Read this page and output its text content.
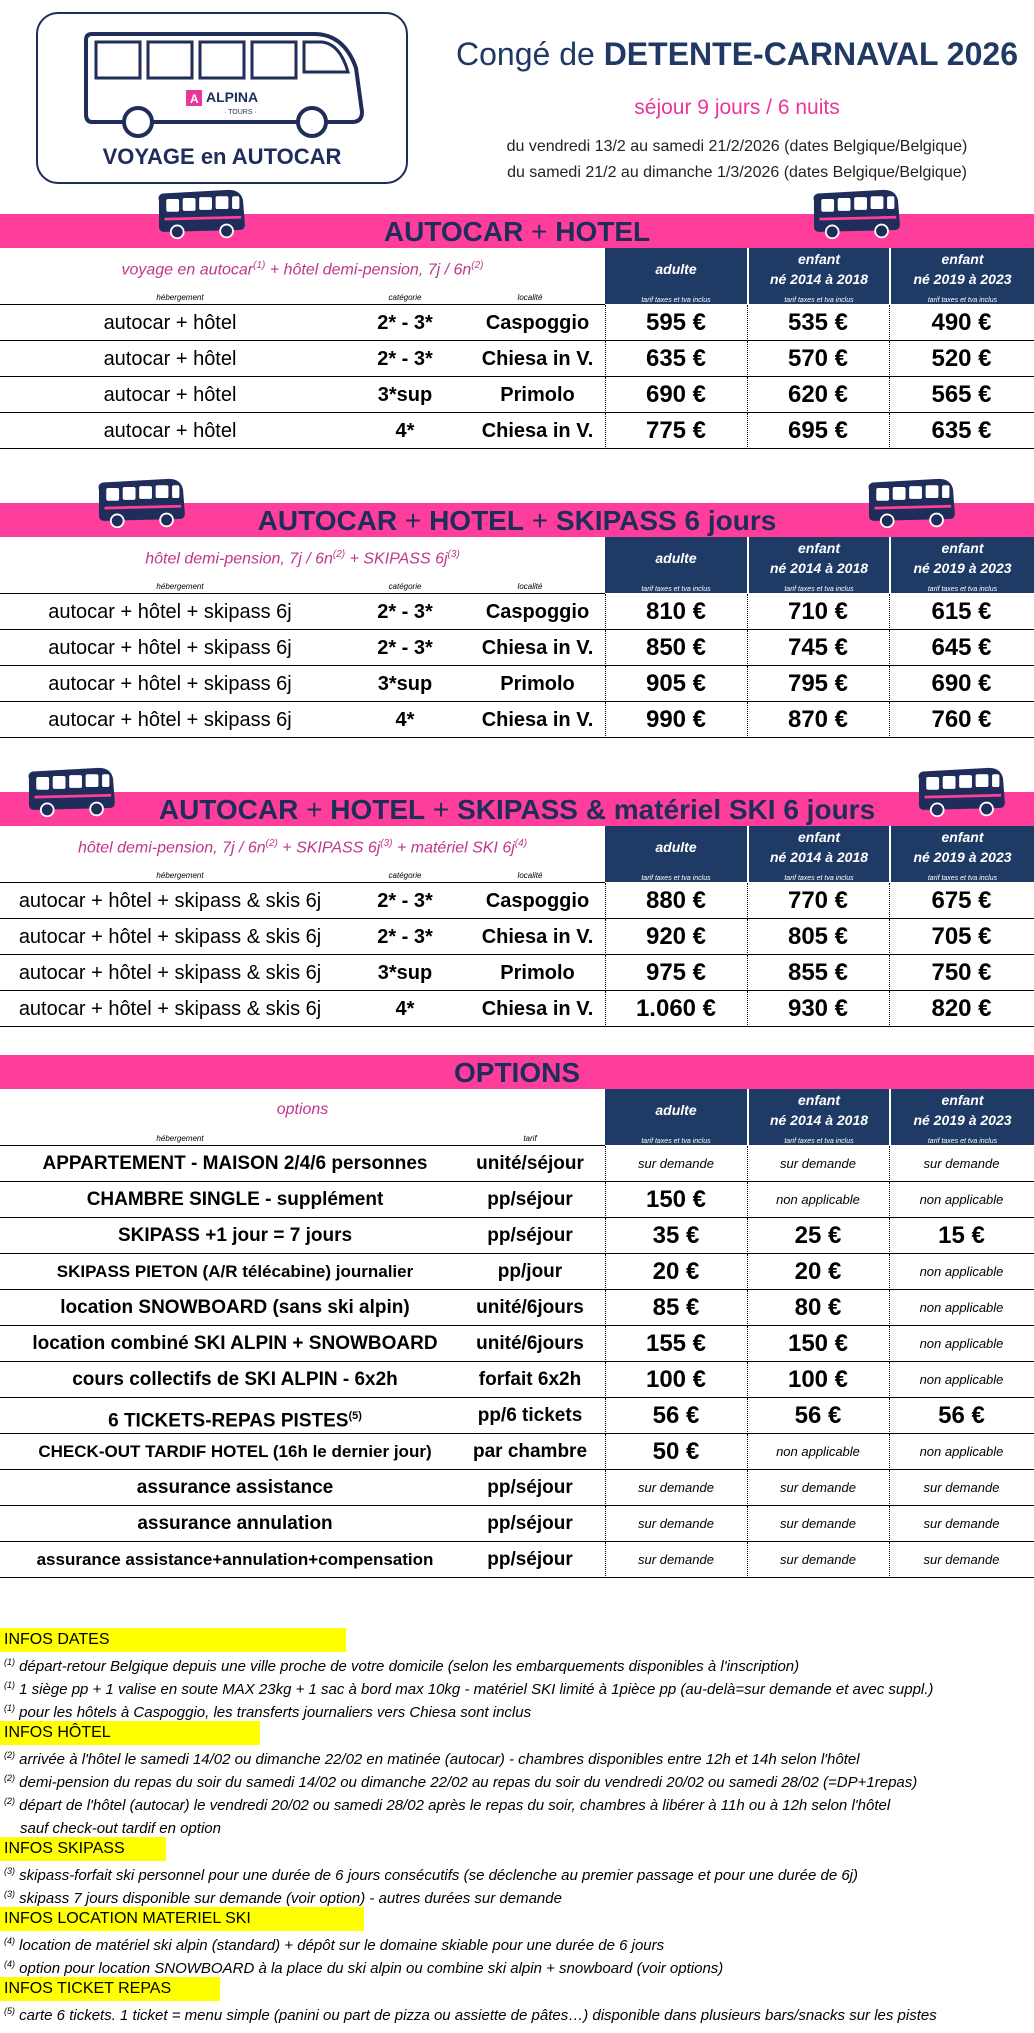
A ALPINA
· TOURS ·
VOYAGE en AUTOCAR
Congé de DETENTE-CARNAVAL 2026
séjour 9 jours / 6 nuits
du vendredi 13/2 au samedi 21/2/2026 (dates Belgique/Belgique)
du samedi 21/2 au dimanche 1/3/2026 (dates Belgique/Belgique)
AUTOCAR + HOTEL
voyage en autocar$^{(1)}$ + hôtel demi-pension, $7j / 6n^{(2)}$	adulte
tarif taxes et tva inclus
enfant
né 2014 à 2018
tarif taxes et tva inclus
enfant
né 2019 à 2023
tarif taxes et tva inclus
hébergement	catégorie	localité
autocar + hôtel	2* - 3*	Caspoggio	595 €	535 €	490 €
autocar + hôtel	2* - 3*	Chiesa in V.	635 €	570 €	520 €
autocar + hôtel	3*sup	Primolo	690 €	620 €	565 €
autocar + hôtel	4*	Chiesa in V.	775 €	695 €	635 €
AUTOCAR + HOTEL + SKIPASS 6 jours
hôtel demi-pension, $7j / 6n^{(2)}$ + SKIPASS $6j^{(3)}$	adulte
tarif taxes et tva inclus
enfant
né 2014 à 2018
tarif taxes et tva inclus
enfant
né 2019 à 2023
tarif taxes et tva inclus
hébergement	catégorie	localité
autocar + hôtel + skipass 6j	2* - 3*	Caspoggio	810 €	710 €	615 €
autocar + hôtel + skipass 6j	2* - 3*	Chiesa in V.	850 €	745 €	645 €
autocar + hôtel + skipass 6j	3*sup	Primolo	905 €	795 €	690 €
autocar + hôtel + skipass 6j	4*	Chiesa in V.	990 €	870 €	760 €
AUTOCAR + HOTEL + SKIPASS & matériel SKI 6 jours
hôtel demi-pension, $7j / 6n^{(2)}$ + SKIPASS $6j^{(3)}$ + matériel SKI $6j^{(4)}$	adulte
tarif taxes et tva inclus
enfant
né 2014 à 2018
tarif taxes et tva inclus
enfant
né 2019 à 2023
tarif taxes et tva inclus
hébergement	catégorie	localité
autocar + hôtel + skipass & skis 6j	2* - 3*	Caspoggio	880 €	770 €	675 €
autocar + hôtel + skipass & skis 6j	2* - 3*	Chiesa in V.	920 €	805 €	705 €
autocar + hôtel + skipass & skis 6j	3*sup	Primolo	975 €	855 €	750 €
autocar + hôtel + skipass & skis 6j	4*	Chiesa in V.	1.060 €	930 €	820 €
OPTIONS
options	adulte
tarif taxes et tva inclus
enfant
né 2014 à 2018
tarif taxes et tva inclus
enfant
né 2019 à 2023
tarif taxes et tva inclus
hébergement	tarif
APPARTEMENT - MAISON 2/4/6 personnes	unité/séjour	sur demande	sur demande	sur demande
CHAMBRE SINGLE - supplément	pp/séjour	150 €	non applicable	non applicable
SKIPASS +1 jour = 7 jours	pp/séjour	35 €	25 €	15 €
SKIPASS PIETON (A/R télécabine) journalier	pp/jour	20 €	20 €	non applicable
location SNOWBOARD (sans ski alpin)	unité/6jours	85 €	80 €	non applicable
location combiné SKI ALPIN + SNOWBOARD	unité/6jours	155 €	150 €	non applicable
cours collectifs de SKI ALPIN - 6x2h	forfait 6x2h	100 €	100 €	non applicable
6 TICKETS-REPAS PISTES$^{(5)}$	pp/6 tickets	56 €	56 €	56 €
CHECK-OUT TARDIF HOTEL (16h le dernier jour)	par chambre	50 €	non applicable	non applicable
assurance assistance	pp/séjour	sur demande	sur demande	sur demande
assurance annulation	pp/séjour	sur demande	sur demande	sur demande
assurance assistance+annulation+compensation	pp/séjour	sur demande	sur demande	sur demande
INFOS DATES
$^{(1)}$ départ-retour Belgique depuis une ville proche de votre domicile (selon les embarquements disponibles à l'inscription)
$^{(1)}$ 1 siège pp + 1 valise en soute MAX 23kg + 1 sac à bord max 10kg - matériel SKI limité à 1pièce pp (au-delà=sur demande et avec suppl.)
$^{(1)}$ pour les hôtels à Caspoggio, les transferts journaliers vers Chiesa sont inclus
INFOS HÔTEL
$^{(2)}$ arrivée à l'hôtel le samedi 14/02 ou dimanche 22/02 en matinée (autocar) - chambres disponibles entre 12h et 14h selon l'hôtel
$^{(2)}$ demi-pension du repas du soir du samedi 14/02 ou dimanche 22/02 au repas du soir du vendredi 20/02 ou samedi 28/02 (=DP+1repas)
$^{(2)}$ départ de l'hôtel (autocar) le vendredi 20/02 ou samedi 28/02 après le repas du soir, chambres à libérer à 11h ou à 12h selon l'hôtel
sauf check-out tardif en option
INFOS SKIPASS
$^{(3)}$ skipass-forfait ski personnel pour une durée de 6 jours consécutifs (se déclenche au premier passage et pour une durée de 6j)
$^{(3)}$ skipass 7 jours disponible sur demande (voir option) - autres durées sur demande
INFOS LOCATION MATERIEL SKI
$^{(4)}$ location de matériel ski alpin (standard) + dépôt sur le domaine skiable pour une durée de 6 jours
$^{(4)}$ option pour location SNOWBOARD à la place du ski alpin ou combine ski alpin + snowboard (voir options)
INFOS TICKET REPAS
$^{(5)}$ carte 6 tickets. 1 ticket = menu simple (panini ou part de pizza ou assiette de pâtes…) disponible dans plusieurs bars/snacks sur les pistes
